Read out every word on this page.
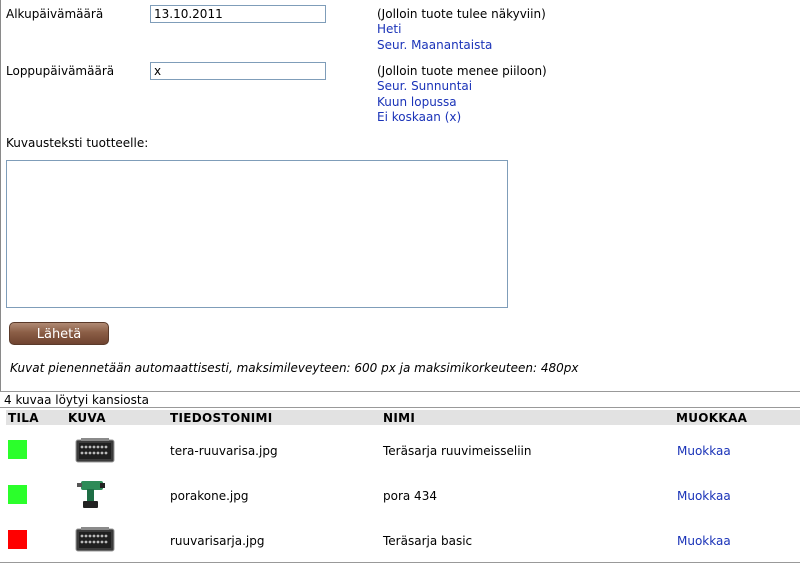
Alkupäivämäärä
13.10.2011	(Jolloin tuote tulee näkyviin)
Heti
Seur. Maanantaista
Loppupäivämäärä
x	(Jolloin tuote menee piiloon)
Seur. Sunnuntai
Kuun lopussa
Ei koskaan (x)
Kuvausteksti tuotteelle:
Lähetä
Kuvat pienennetään automaattisesti, maksimileveyteen: 600 px ja maksimikorkeuteen: 480px
4 kuvaa löytyi kansiosta
TILA KUVA	TIEDOSTONIMI	NIMI	MUOKKAA
tera-ruuvarisa.jpg	Teräsarja ruuvimeisseliin	Muokkaa
porakone.jpg	pora 434	Muokkaa
ruuvarisarja.jpg	Teräsarja basic	Muokkaa
